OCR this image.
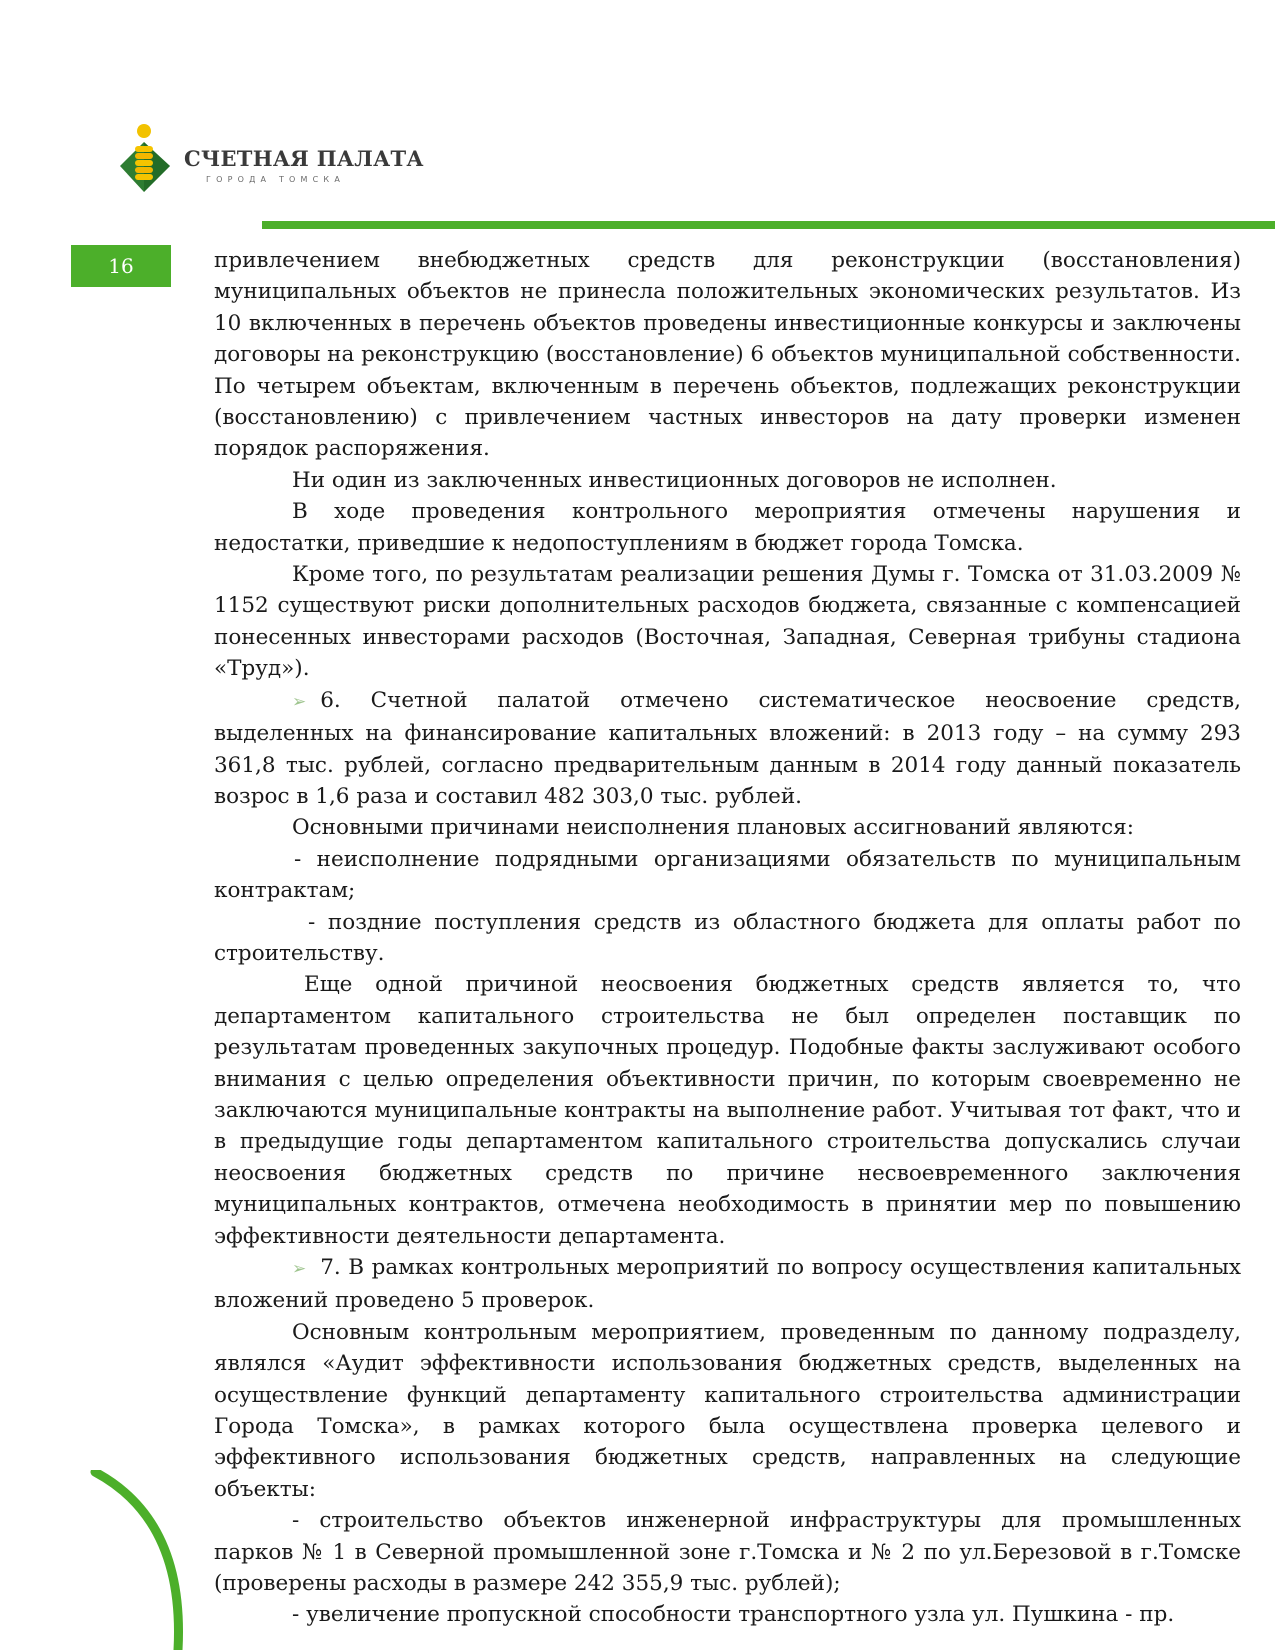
СЧЕТНАЯ ПАЛАТА
ГОРОДА ТОМСКА
16	привлечением внебюджетных средств для реконструкции (восстановления) муниципальных объектов не принесла положительных экономических результатов. Из 10 включенных в перечень объектов проведены инвестиционные конкурсы и заключены договоры на реконструкцию (восстановление) 6 объектов муниципальной собственности. По четырем объектам, включенным в перечень объектов, подлежащих реконструкции (восстановлению) с привлечением частных инвесторов на дату проверки изменен порядок распоряжения.

Ни один из заключенных инвестиционных договоров не исполнен.

В ходе проведения контрольного мероприятия отмечены нарушения и недостатки, приведшие к недопоступлениям в бюджет города Томска.

Кроме того, по результатам реализации решения Думы г. Томска от 31.03.2009 № 1152 существуют риски дополнительных расходов бюджета, связанные с компенсацией понесенных инвесторами расходов (Восточная, Западная, Северная трибуны стадиона «Труд»).

➢ 6. Счетной палатой отмечено систематическое неосвоение средств, выделенных на финансирование капитальных вложений: в 2013 году – на сумму 293 361,8 тыс. рублей, согласно предварительным данным в 2014 году данный показатель возрос в 1,6 раза и составил 482 303,0 тыс. рублей.

Основными причинами неисполнения плановых ассигнований являются:

- неисполнение подрядными организациями обязательств по муниципальным контрактам;

- поздние поступления средств из областного бюджета для оплаты работ по строительству.

Еще одной причиной неосвоения бюджетных средств является то, что департаментом капитального строительства не был определен поставщик по результатам проведенных закупочных процедур. Подобные факты заслуживают особого внимания с целью определения объективности причин, по которым своевременно не заключаются муниципальные контракты на выполнение работ. Учитывая тот факт, что и в предыдущие годы департаментом капитального строительства допускались случаи неосвоения бюджетных средств по причине несвоевременного заключения муниципальных контрактов, отмечена необходимость в принятии мер по повышению эффективности деятельности департамента.

➢ 7. В рамках контрольных мероприятий по вопросу осуществления капитальных вложений проведено 5 проверок.

Основным контрольным мероприятием, проведенным по данному подразделу, являлся «Аудит эффективности использования бюджетных средств, выделенных на осуществление функций департаменту капитального строительства администрации Города Томска», в рамках которого была осуществлена проверка целевого и эффективного использования бюджетных средств, направленных на следующие объекты:

- строительство объектов инженерной инфраструктуры для промышленных парков № 1 в Северной промышленной зоне г.Томска и № 2 по ул.Березовой в г.Томске (проверены расходы в размере 242 355,9 тыс. рублей);

- увеличение пропускной способности транспортного узла ул. Пушкина - пр.
